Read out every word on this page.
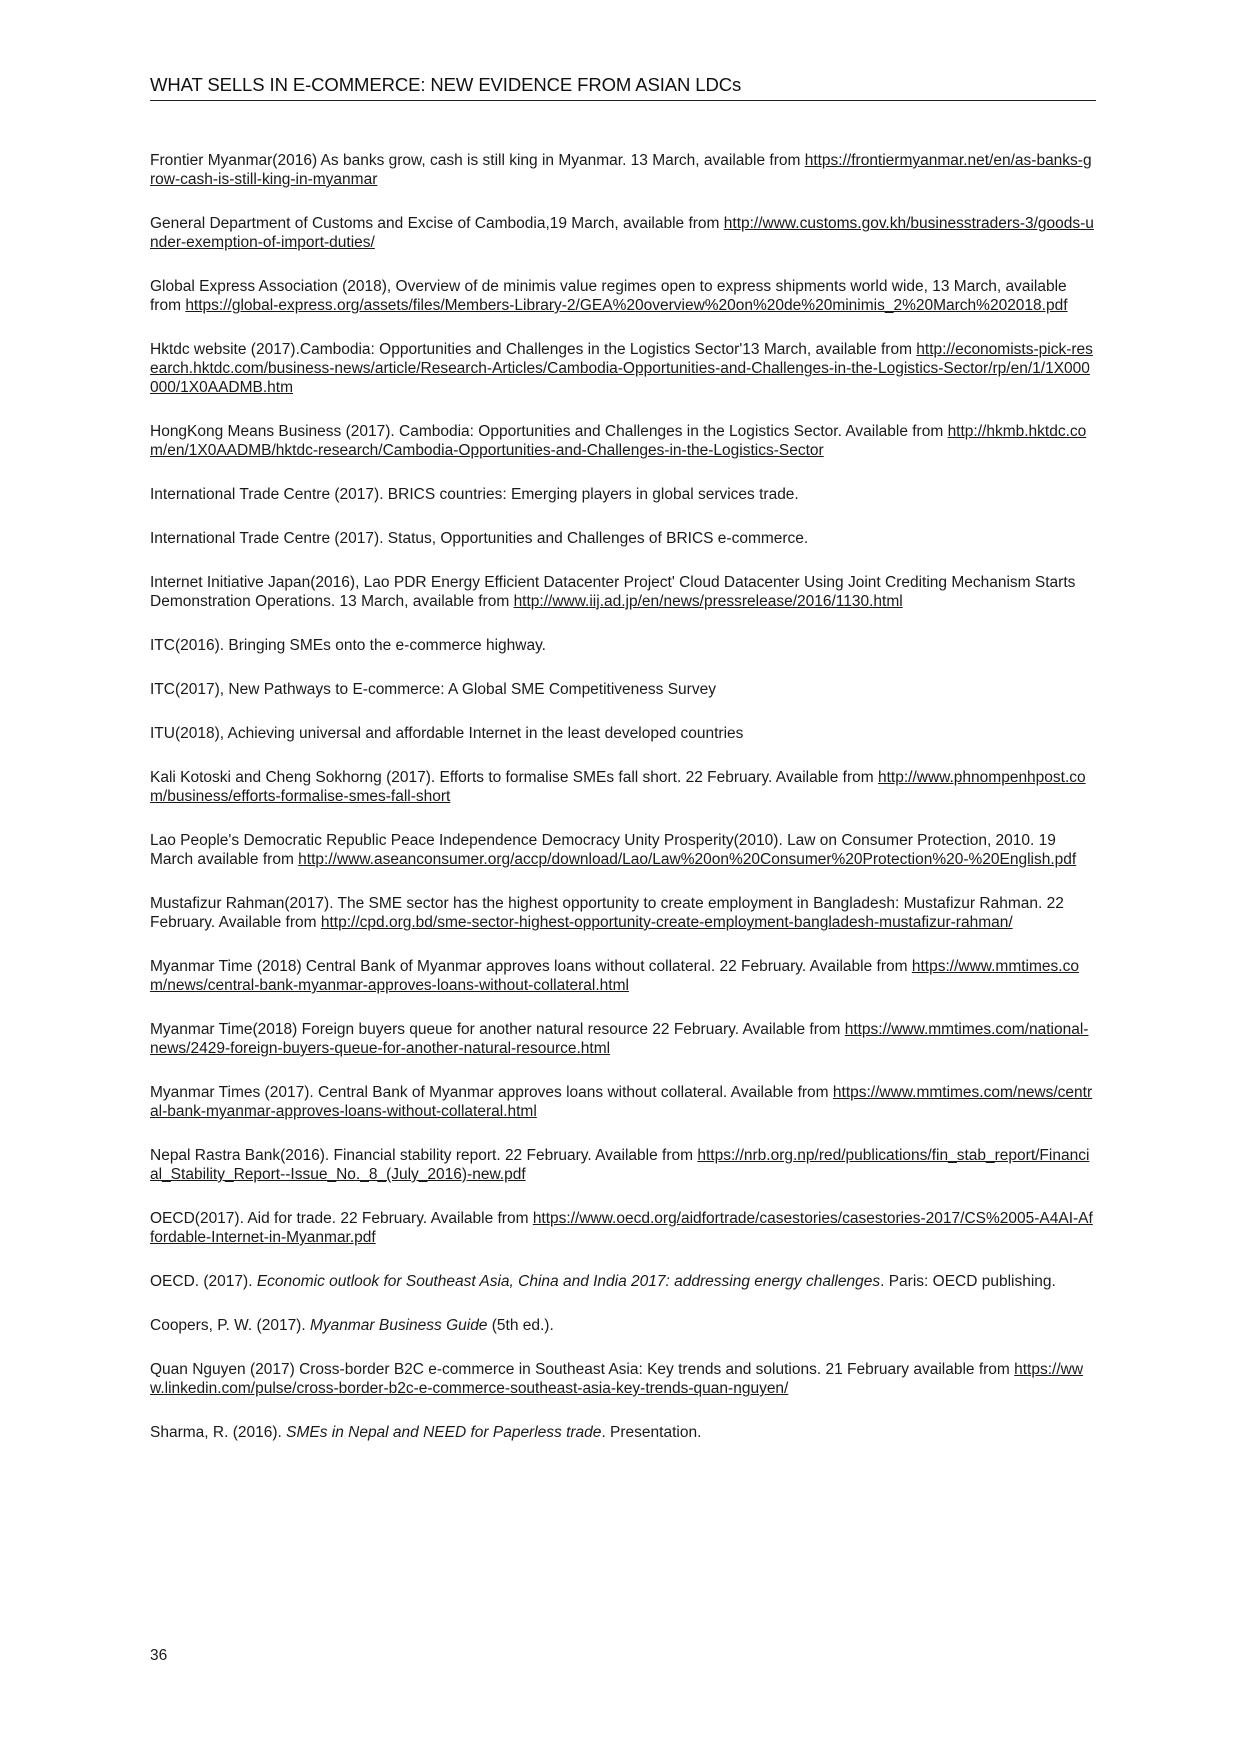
WHAT SELLS IN E-COMMERCE: NEW EVIDENCE FROM ASIAN LDCs
Frontier Myanmar(2016) As banks grow, cash is still king in Myanmar. 13 March, available from https://frontiermyanmar.net/en/as-banks-grow-cash-is-still-king-in-myanmar
General Department of Customs and Excise of Cambodia,19 March, available from http://www.customs.gov.kh/businesstraders-3/goods-under-exemption-of-import-duties/
Global Express Association (2018), Overview of de minimis value regimes open to express shipments world wide, 13 March, available from https://global-express.org/assets/files/Members-Library-2/GEA%20overview%20on%20de%20minimis_2%20March%202018.pdf
Hktdc website (2017).Cambodia: Opportunities and Challenges in the Logistics Sector'13 March, available from http://economists-pick-research.hktdc.com/business-news/article/Research-Articles/Cambodia-Opportunities-and-Challenges-in-the-Logistics-Sector/rp/en/1/1X000000/1X0AADMB.htm
HongKong Means Business (2017). Cambodia: Opportunities and Challenges in the Logistics Sector. Available from http://hkmb.hktdc.com/en/1X0AADMB/hktdc-research/Cambodia-Opportunities-and-Challenges-in-the-Logistics-Sector
International Trade Centre (2017). BRICS countries: Emerging players in global services trade.
International Trade Centre (2017). Status, Opportunities and Challenges of BRICS e-commerce.
Internet Initiative Japan(2016), Lao PDR Energy Efficient Datacenter Project' Cloud Datacenter Using Joint Crediting Mechanism Starts Demonstration Operations. 13 March, available from http://www.iij.ad.jp/en/news/pressrelease/2016/1130.html
ITC(2016). Bringing SMEs onto the e-commerce highway.
ITC(2017), New Pathways to E-commerce: A Global SME Competitiveness Survey
ITU(2018), Achieving universal and affordable Internet in the least developed countries
Kali Kotoski and Cheng Sokhorng (2017). Efforts to formalise SMEs fall short. 22 February. Available from http://www.phnompenhpost.com/business/efforts-formalise-smes-fall-short
Lao People's Democratic Republic Peace Independence Democracy Unity Prosperity(2010). Law on Consumer Protection, 2010. 19 March available from http://www.aseanconsumer.org/accp/download/Lao/Law%20on%20Consumer%20Protection%20-%20English.pdf
Mustafizur Rahman(2017). The SME sector has the highest opportunity to create employment in Bangladesh: Mustafizur Rahman. 22 February. Available from http://cpd.org.bd/sme-sector-highest-opportunity-create-employment-bangladesh-mustafizur-rahman/
Myanmar Time (2018) Central Bank of Myanmar approves loans without collateral. 22 February. Available from https://www.mmtimes.com/news/central-bank-myanmar-approves-loans-without-collateral.html
Myanmar Time(2018) Foreign buyers queue for another natural resource 22 February. Available from https://www.mmtimes.com/national-news/2429-foreign-buyers-queue-for-another-natural-resource.html
Myanmar Times (2017). Central Bank of Myanmar approves loans without collateral. Available from https://www.mmtimes.com/news/central-bank-myanmar-approves-loans-without-collateral.html
Nepal Rastra Bank(2016). Financial stability report. 22 February. Available from https://nrb.org.np/red/publications/fin_stab_report/Financial_Stability_Report--Issue_No._8_(July_2016)-new.pdf
OECD(2017). Aid for trade. 22 February. Available from https://www.oecd.org/aidfortrade/casestories/casestories-2017/CS%2005-A4AI-Affordable-Internet-in-Myanmar.pdf
OECD. (2017). Economic outlook for Southeast Asia, China and India 2017: addressing energy challenges. Paris: OECD publishing.
Coopers, P. W. (2017). Myanmar Business Guide (5th ed.).
Quan Nguyen (2017) Cross-border B2C e-commerce in Southeast Asia: Key trends and solutions. 21 February available from https://www.linkedin.com/pulse/cross-border-b2c-e-commerce-southeast-asia-key-trends-quan-nguyen/
Sharma, R. (2016). SMEs in Nepal and NEED for Paperless trade. Presentation.
36
